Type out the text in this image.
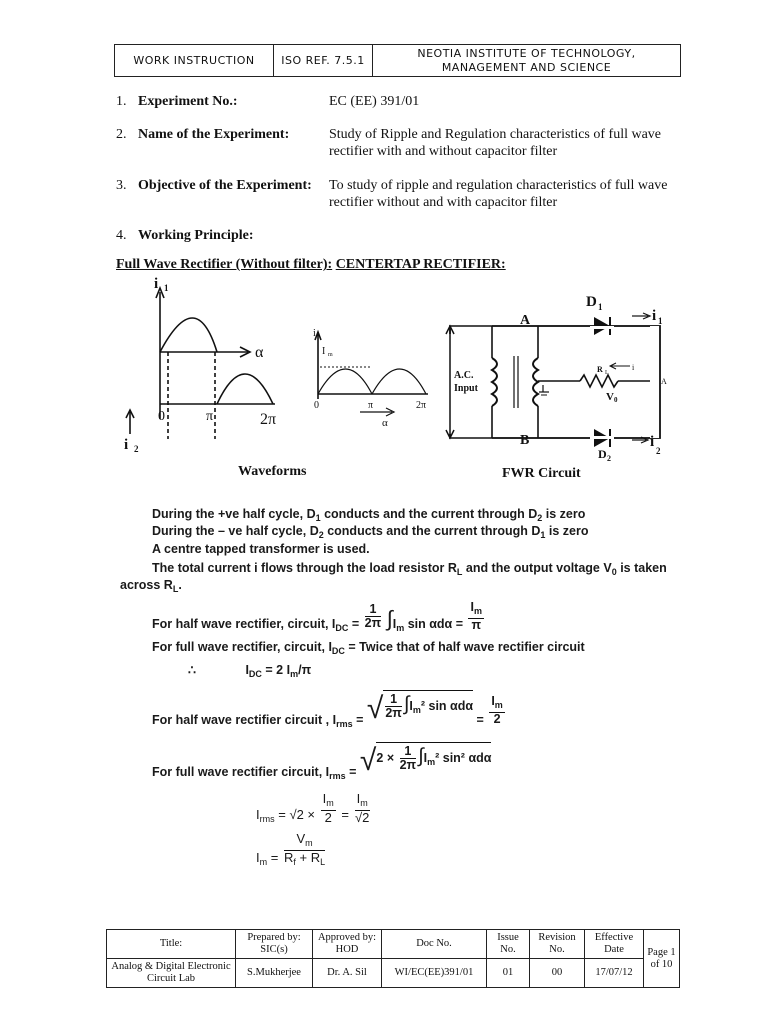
WORK INSTRUCTION	ISO REF. 7.5.1	NEOTIA INSTITUTE OF TECHNOLOGY, MANAGEMENT AND SCIENCE
1. Experiment No.:	EC (EE) 391/01
2. Name of the Experiment:	Study of Ripple and Regulation characteristics of full wave rectifier with and without capacitor filter
3. Objective of the Experiment: To study of ripple and regulation characteristics of full wave rectifier without and with capacitor filter
4. Working Principle:
Full Wave Rectifier (Without filter): CENTERTAP RECTIFIER:
i 1
α
0	π	2π
i 2
i
I m
0	π	2π
α
A.C.
Input
A
B
D 1
D 2
R L
i
V 0
A
i 1
i
2
Waveforms	FWR Circuit
During the +ve half cycle, $D_1$ conducts and the current through $D_2$ is zero
During the – ve half cycle, $D_2$ conducts and the current through $D_1$ is zero
A centre tapped transformer is used.
The total current i flows through the load resistor $R_L$ and the output voltage $V_0$ is taken
across $R_L$.
For half wave rectifier, circuit, $I_{DC} = \frac{1}{2\pi} \int I_m$ $\sin \alpha d\alpha = \frac{I_m}{\pi}$
For full wave rectifier, circuit, $I_{DC}$ = Twice that of half wave rectifier circuit
∴	$I_{DC} = 2$ $I_m/\pi$
For half wave rectifier circuit , $I_{rms}$ = √ $\frac{1}{2\pi} \int I_m^2$ $\sin \alpha d\alpha = \frac{I_m}{2}$
For full wave rectifier circuit, $I_{rms} = √2 \times \frac{1}{2\pi} \int I_m^2$ sin² αdα
$I_{rms} = √2 \times \frac{I_m}{2} = \frac{I_m}{√2}$
$I_m = \frac{V_m}{R_f + R_L}$
Title:	Prepared by: SIC(s)	Approved by: HOD	Doc No.	Issue No.	Revision No.	Effective Date	Page 1 of 10
Analog & Digital Electronic Circuit Lab	S.Mukherjee	Dr. A. Sil	WI/EC(EE)391/01	01	00	17/07/12	
